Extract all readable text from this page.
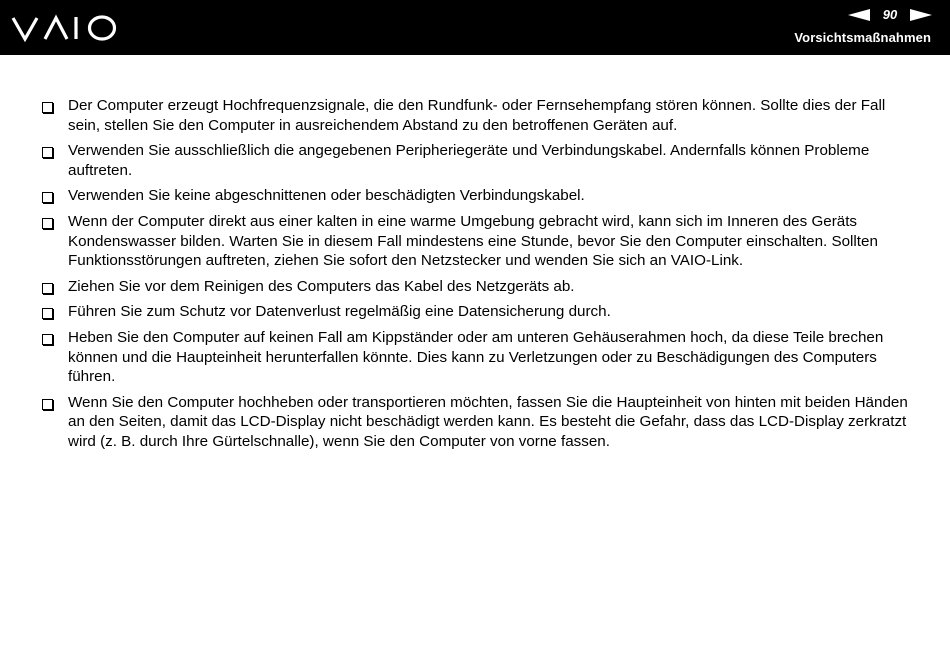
90
Vorsichtsmaßnahmen
Der Computer erzeugt Hochfrequenzsignale, die den Rundfunk- oder Fernsehempfang stören können. Sollte dies der Fall sein, stellen Sie den Computer in ausreichendem Abstand zu den betroffenen Geräten auf.
Verwenden Sie ausschließlich die angegebenen Peripheriegeräte und Verbindungskabel. Andernfalls können Probleme auftreten.
Verwenden Sie keine abgeschnittenen oder beschädigten Verbindungskabel.
Wenn der Computer direkt aus einer kalten in eine warme Umgebung gebracht wird, kann sich im Inneren des Geräts Kondenswasser bilden. Warten Sie in diesem Fall mindestens eine Stunde, bevor Sie den Computer einschalten. Sollten Funktionsstörungen auftreten, ziehen Sie sofort den Netzstecker und wenden Sie sich an VAIO-Link.
Ziehen Sie vor dem Reinigen des Computers das Kabel des Netzgeräts ab.
Führen Sie zum Schutz vor Datenverlust regelmäßig eine Datensicherung durch.
Heben Sie den Computer auf keinen Fall am Kippständer oder am unteren Gehäuserahmen hoch, da diese Teile brechen können und die Haupteinheit herunterfallen könnte. Dies kann zu Verletzungen oder zu Beschädigungen des Computers führen.
Wenn Sie den Computer hochheben oder transportieren möchten, fassen Sie die Haupteinheit von hinten mit beiden Händen an den Seiten, damit das LCD-Display nicht beschädigt werden kann. Es besteht die Gefahr, dass das LCD-Display zerkratzt wird (z. B. durch Ihre Gürtelschnalle), wenn Sie den Computer von vorne fassen.
